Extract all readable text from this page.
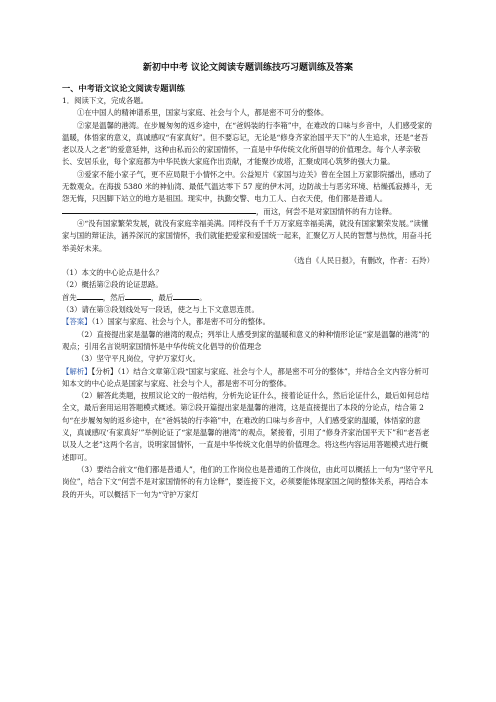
新初中中考 议论文阅读专题训练技巧习题训练及答案
一、中考语文议论文阅读专题训练

1．阅读下文，完成各题。

①在中国人的精神谱系里，国家与家庭、社会与个人，都是密不可分的整体。

②家是温馨的港湾。在步履匆匆的返乡途中，在“爸妈装的行李箱”中，在难改的口味与乡音中，人们感受家的温暖，体悟家的意义，真诚感叹“有家真好”。但不要忘记，无论是“修身齐家治国平天下”的人生追求，还是“老吾老以及人之老”的爱意延伸，这种由私而公的家国情怀，一直是中华传统文化所倡导的价值理念。每个人孝亲敬长、安居乐业，每个家庭都为中华民族大家庭作出贡献，才能聚沙成塔，汇聚成同心筑梦的强大力量。

③爱家不能小家子气，更不应局限于小情怀之中。公益短片《家国与边关》曾在全国上万家影院播出，感动了无数观众。在海拔 5380 米的神仙湾、最低气温达零下 57 度的伊木河，边防战士与恶劣环境、枯燥孤寂搏斗，无怨无悔，只因脚下站立的地方是祖国。现实中，执勤交警、电力工人、白衣天使，他们都是普通人。

，而这，何尝不是对家国情怀的有力诠释。

④“没有国家繁荣发展，就没有家庭幸福美满。同样没有千千万万家庭幸福美满，就没有国家繁荣发展。”读懂家与国的辩证法，涵养深沉的家国情怀，我们就能把爱家和爱国统一起来，汇聚亿万人民的智慧与热忱，用奋斗托举美好未来。

（选自《人民日报》，有删改，作者：石羚）

（1）本文的中心论点是什么？

（2）概括第②段的论证思路。

首先	，然后	，最后	。

（3）请在第③段划线处写一段话，使之与上下文意思连贯。

【答案】（1）国家与家庭、社会与个人，都是密不可分的整体。

（2）直接提出家是温馨的港湾的观点；列举让人感受到家的温暖和意义的种种情形论证“家是温馨的港湾”的观点；引用名言说明家国情怀是中华传统文化倡导的价值理念

（3）坚守平凡岗位，守护万家灯火。

【解析】【分析】（1）结合文章第①段“国家与家庭、社会与个人，都是密不可分的整体”，并结合全文内容分析可知本文的中心论点是国家与家庭、社会与个人，都是密不可分的整体。

（2）解答此类题，按照议论文的一般结构，分析先论证什么，接着论证什么，然后论证什么，最后如何总结全文，最后套用运用答题模式概述。第②段开篇提出家是温馨的港湾，这是直接提出了本段的分论点，结合第 2 句“在步履匆匆的返乡途中，在“爸妈装的行李箱”中，在难改的口味与乡音中，人们感受家的温暖，体悟家的意义，真诚感叹‘有家真好’”举例论证了“家是温馨的港湾”的观点，紧接着，引用了“修身齐家治国平天下”和“老吾老以及人之老”这两个名言，说明家国情怀，一直是中华传统文化倡导的价值理念。将这些内容运用答题模式进行概述即可。

（3）要结合前文“他们都是普通人”，他们的工作岗位也是普通的工作岗位，由此可以概括上一句为“坚守平凡岗位”，结合下文“何尝不是对家国情怀的有力诠释”，要连接下文，必须要能体现家国之间的整体关系，再结合本段的开头，可以概括下一句为“守护万家灯
